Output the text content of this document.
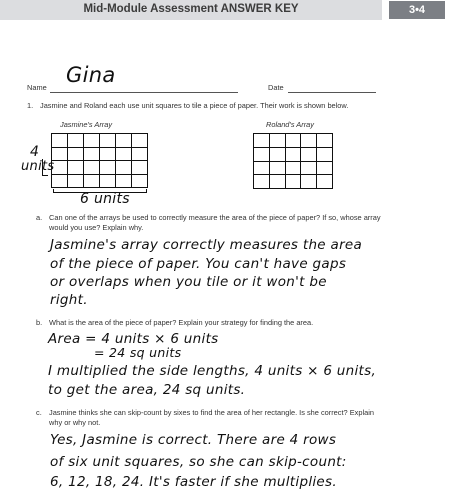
Mid-Module Assessment ANSWER KEY	3•4
Name
Gina
Date
1. Jasmine and Roland each use unit squares to tile a piece of paper. Their work is shown below.
Jasmine's Array	Roland's Array
4
units
6 units
a. Can one of the arrays be used to correctly measure the area of the piece of paper? If so, whose array
would you use? Explain why.
Jasmine's array correctly measures the area
of the piece of paper. You can't have gaps
or overlaps when you tile or it won't be
right.
b. What is the area of the piece of paper? Explain your strategy for finding the area.
Area = 4 units × 6 units
= 24 sq units
I multiplied the side lengths, 4 units × 6 units,
to get the area, 24 sq units.
c. Jasmine thinks she can skip-count by sixes to find the area of her rectangle. Is she correct? Explain
why or why not.
Yes, Jasmine is correct. There are 4 rows
of six unit squares, so she can skip-count:
6, 12, 18, 24. It's faster if she multiplies.
